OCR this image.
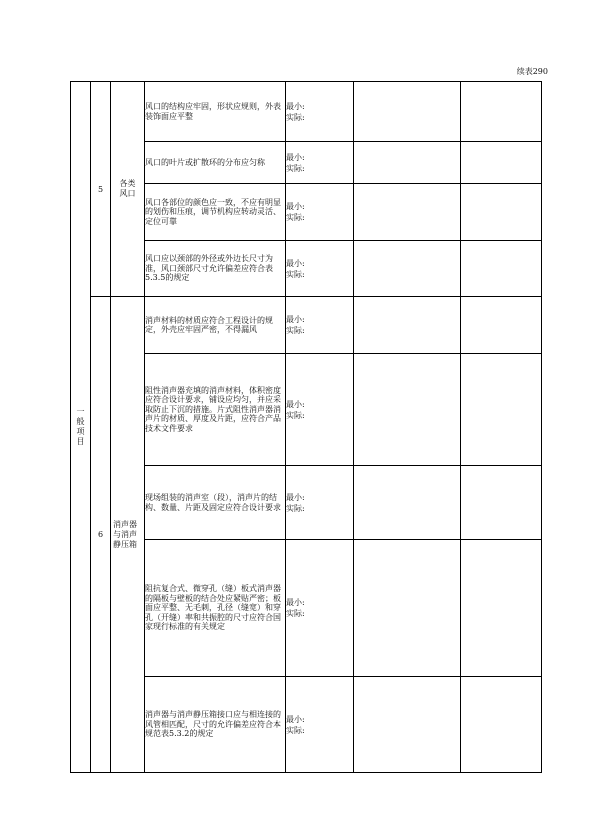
续表290
一般项目	5	各类风口	风口的结构应牢固，形状应规则，外表装饰面应平整	最小:
实际:		

			风口的叶片或扩散环的分布应匀称	最小:
实际:		

			风口各部位的颜色应一致，不应有明显的划伤和压痕，调节机构应转动灵活、定位可靠	最小:
实际:		

			风口应以颈部的外径或外边长尺寸为准，风口颈部尺寸允许偏差应符合表5.3.5的规定	最小:
实际:		

	6	消声器与消声静压箱	消声材料的材质应符合工程设计的规定，外壳应牢固严密，不得漏风	最小:
实际:		

			阻性消声器充填的消声材料，体积密度应符合设计要求，铺设应均匀，并应采取防止下沉的措施。片式阻性消声器消声片的材质、厚度及片距，应符合产品技术文件要求	最小:
实际:		

			现场组装的消声室（段），消声片的结构、数量、片距及固定应符合设计要求	最小:
实际:		

			阻抗复合式、微穿孔（缝）板式消声器的隔板与壁板的结合处应紧贴严密；板面应平整、无毛刺，孔径（缝宽）和穿孔（开缝）率和共振腔的尺寸应符合国家现行标准的有关规定	最小:
实际:		

			消声器与消声静压箱接口应与相连接的风管相匹配，尺寸的允许偏差应符合本规范表5.3.2的规定	最小:
实际:		
